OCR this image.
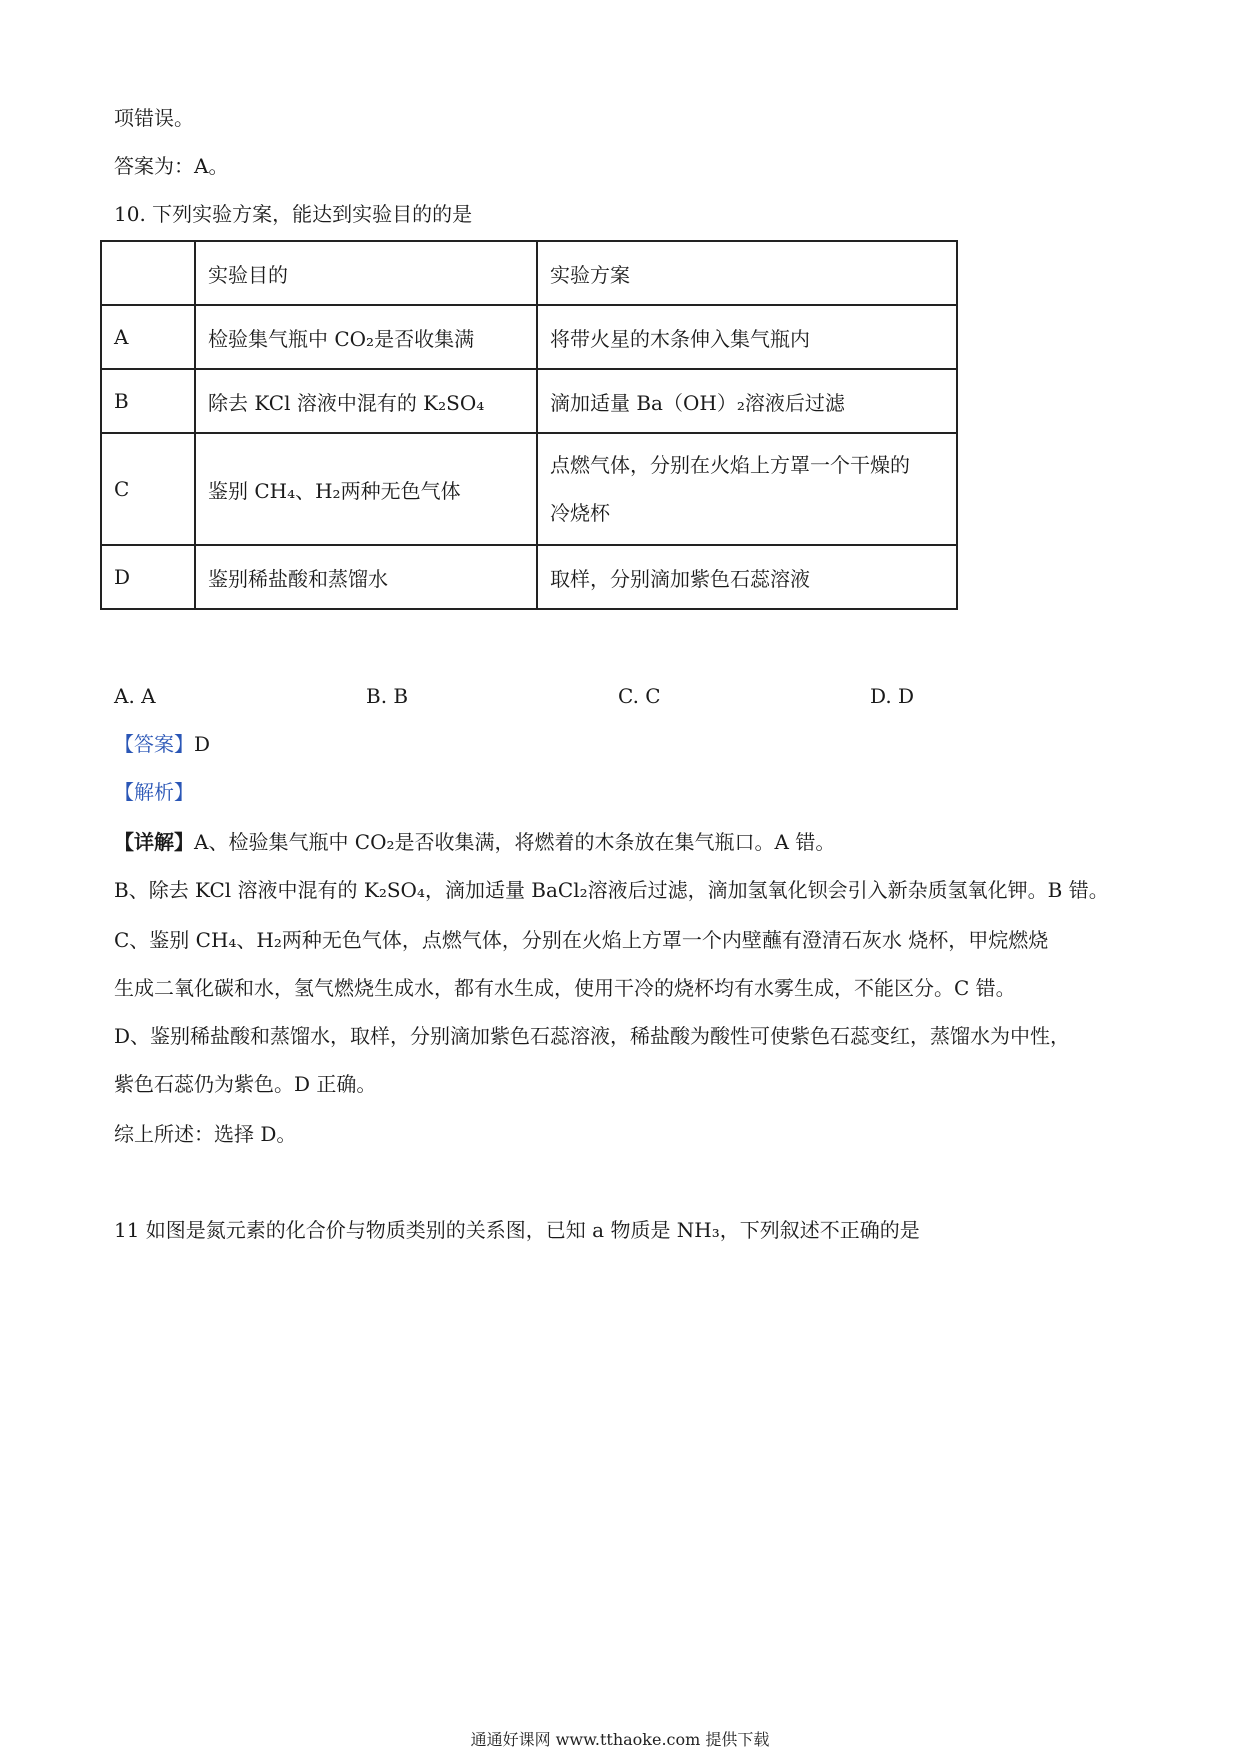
项错误。
答案为：A。
10. 下列实验方案，能达到实验目的的是
	实验目的	实验方案
A	检验集气瓶中 CO₂是否收集满	将带火星的木条伸入集气瓶内
B	除去 KCl 溶液中混有的 K₂SO₄	滴加适量 Ba（OH）₂溶液后过滤
C	鉴别 CH₄、H₂两种无色气体	点燃气体，分别在火焰上方罩一个干燥的
冷烧杯

D	鉴别稀盐酸和蒸馏水	取样，分别滴加紫色石蕊溶液
A. A	B. B	C. C	D. D
【答案】D
【解析】
【详解】A、检验集气瓶中 CO₂是否收集满，将燃着的木条放在集气瓶口。A 错。
B、除去 KCl 溶液中混有的 K₂SO₄，滴加适量 BaCl₂溶液后过滤，滴加氢氧化钡会引入新杂质氢氧化钾。B 错。
C、鉴别 CH₄、H₂两种无色气体，点燃气体，分别在火焰上方罩一个内壁蘸有澄清石灰水 烧杯，甲烷燃烧
生成二氧化碳和水，氢气燃烧生成水，都有水生成，使用干冷的烧杯均有水雾生成，不能区分。C 错。
D、鉴别稀盐酸和蒸馏水，取样，分别滴加紫色石蕊溶液，稀盐酸为酸性可使紫色石蕊变红，蒸馏水为中性，
紫色石蕊仍为紫色。D 正确。
综上所述：选择 D。
11 如图是氮元素的化合价与物质类别的关系图，已知 a 物质是 NH₃，下列叙述不正确的是
通通好课网 www.tthaoke.com 提供下载
